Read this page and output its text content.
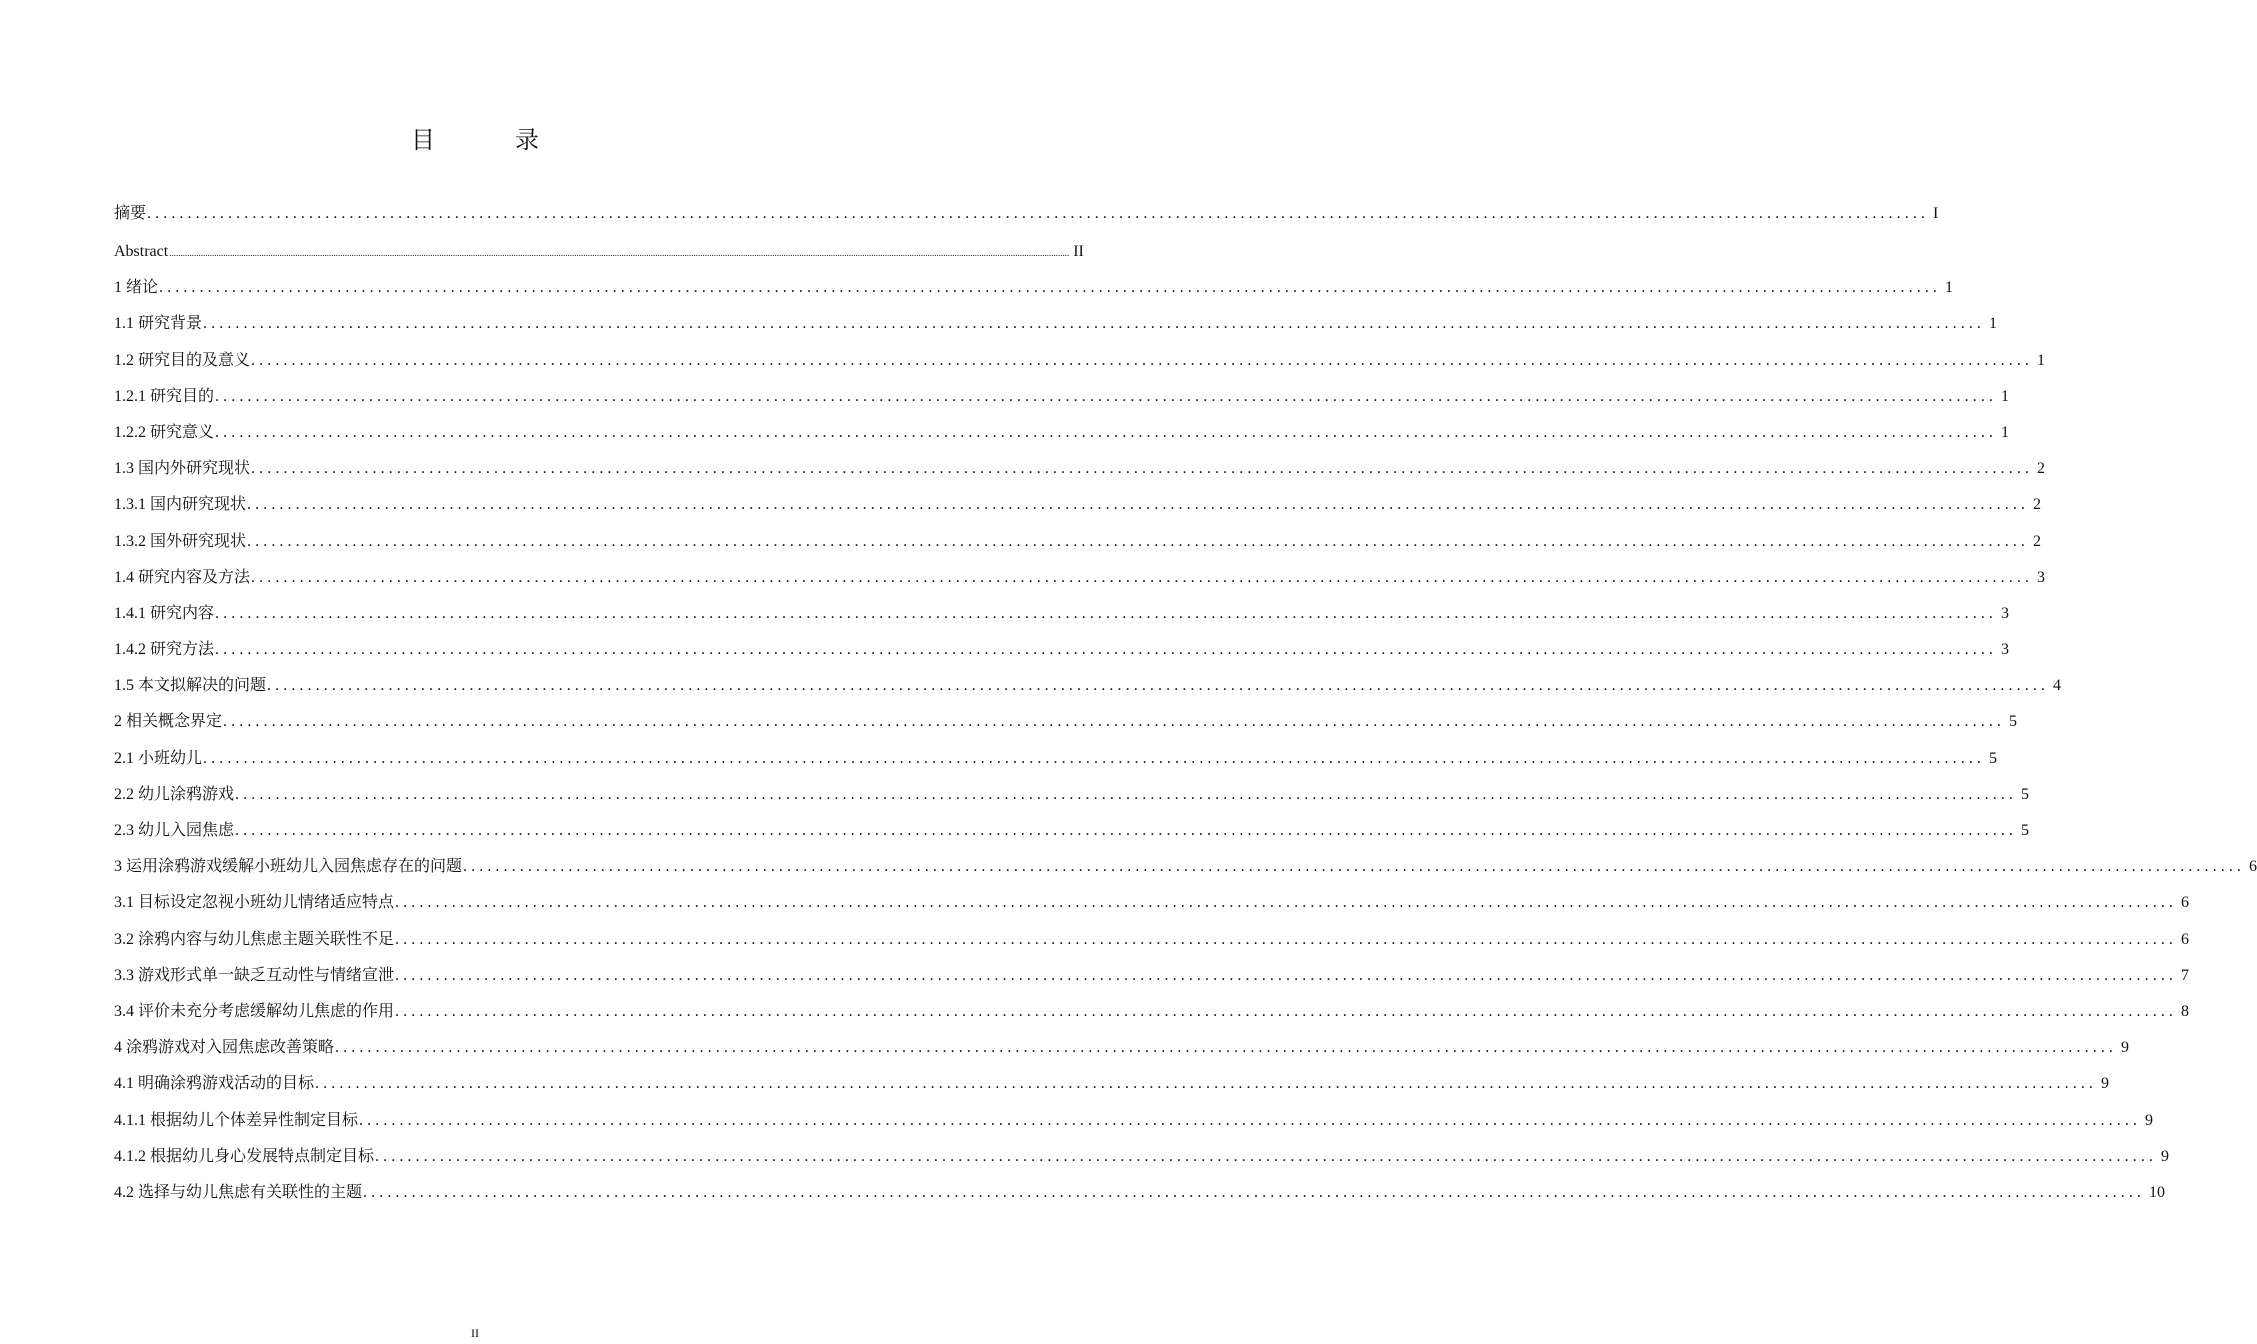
目　录
摘要 ............................................................................................................................................................................................................................ I
Abstract ................................................................................................................................................................................................................................................................................................................................................................................................................ II
1 绪论 ............................................................................................................................................................................................................................ 1
1.1 研究背景 ............................................................................................................................................................................................................................ 1
1.2 研究目的及意义 ............................................................................................................................................................................................................................ 1
1.2.1 研究目的 ............................................................................................................................................................................................................................ 1
1.2.2 研究意义 ............................................................................................................................................................................................................................ 1
1.3 国内外研究现状 ............................................................................................................................................................................................................................ 2
1.3.1 国内研究现状 ............................................................................................................................................................................................................................ 2
1.3.2 国外研究现状 ............................................................................................................................................................................................................................ 2
1.4 研究内容及方法 ............................................................................................................................................................................................................................ 3
1.4.1 研究内容 ............................................................................................................................................................................................................................ 3
1.4.2 研究方法 ............................................................................................................................................................................................................................ 3
1.5 本文拟解决的问题 ............................................................................................................................................................................................................................ 4
2 相关概念界定 ............................................................................................................................................................................................................................ 5
2.1 小班幼儿 ............................................................................................................................................................................................................................ 5
2.2 幼儿涂鸦游戏 ............................................................................................................................................................................................................................ 5
2.3 幼儿入园焦虑 ............................................................................................................................................................................................................................ 5
3 运用涂鸦游戏缓解小班幼儿入园焦虑存在的问题 ............................................................................................................................................................................................................................ 6
3.1 目标设定忽视小班幼儿情绪适应特点 ............................................................................................................................................................................................................................ 6
3.2 涂鸦内容与幼儿焦虑主题关联性不足 ............................................................................................................................................................................................................................ 6
3.3 游戏形式单一缺乏互动性与情绪宣泄 ............................................................................................................................................................................................................................ 7
3.4 评价未充分考虑缓解幼儿焦虑的作用 ............................................................................................................................................................................................................................ 8
4 涂鸦游戏对入园焦虑改善策略 ............................................................................................................................................................................................................................ 9
4.1 明确涂鸦游戏活动的目标 ............................................................................................................................................................................................................................ 9
4.1.1 根据幼儿个体差异性制定目标 ............................................................................................................................................................................................................................ 9
4.1.2 根据幼儿身心发展特点制定目标 ............................................................................................................................................................................................................................ 9
4.2 选择与幼儿焦虑有关联性的主题 ............................................................................................................................................................................................................................ 10
II
